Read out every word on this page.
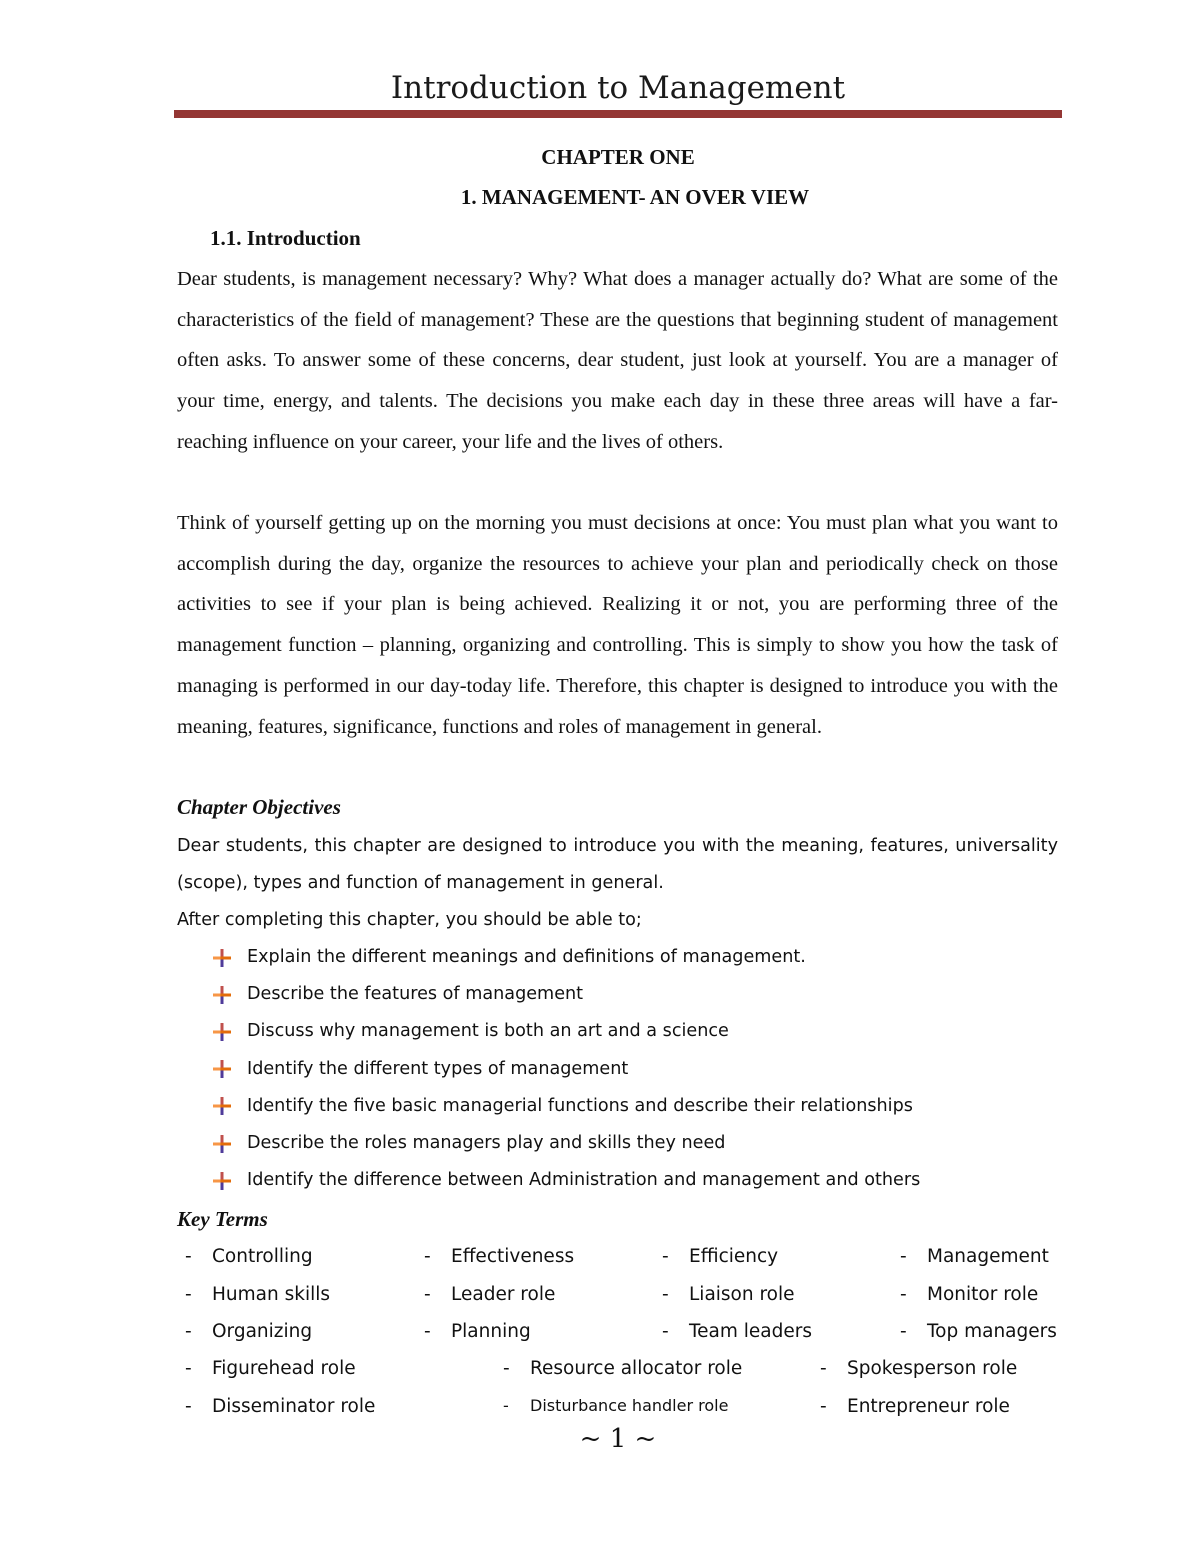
Introduction to Management
CHAPTER ONE
1. MANAGEMENT- AN OVER VIEW
1.1. Introduction
Dear students, is management necessary? Why? What does a manager actually do? What are some of the characteristics of the field of management? These are the questions that beginning student of management often asks. To answer some of these concerns, dear student, just look at yourself. You are a manager of your time, energy, and talents. The decisions you make each day in these three areas will have a far-reaching influence on your career, your life and the lives of others.
Think of yourself getting up on the morning you must decisions at once: You must plan what you want to accomplish during the day, organize the resources to achieve your plan and periodically check on those activities to see if your plan is being achieved. Realizing it or not, you are performing three of the management function – planning, organizing and controlling. This is simply to show you how the task of managing is performed in our day-today life. Therefore, this chapter is designed to introduce you with the meaning, features, significance, functions and roles of management in general.
Chapter Objectives
Dear students, this chapter are designed to introduce you with the meaning, features, universality (scope), types and function of management in general.
After completing this chapter, you should be able to;
Explain the different meanings and definitions of management.
Describe the features of management
Discuss why management is both an art and a science
Identify the different types of management
Identify the five basic managerial functions and describe their relationships
Describe the roles managers play and skills they need
Identify the difference between Administration and management and others
Key Terms
- Controlling	- Effectiveness	- Efficiency	- Management
- Human skills	- Leader role	- Liaison role	- Monitor role
- Organizing	- Planning	- Team leaders	- Top managers
- Figurehead role	- Resource allocator role	- Spokesperson role
- Disseminator role	- Disturbance handler role	- Entrepreneur role
~ 1 ~
